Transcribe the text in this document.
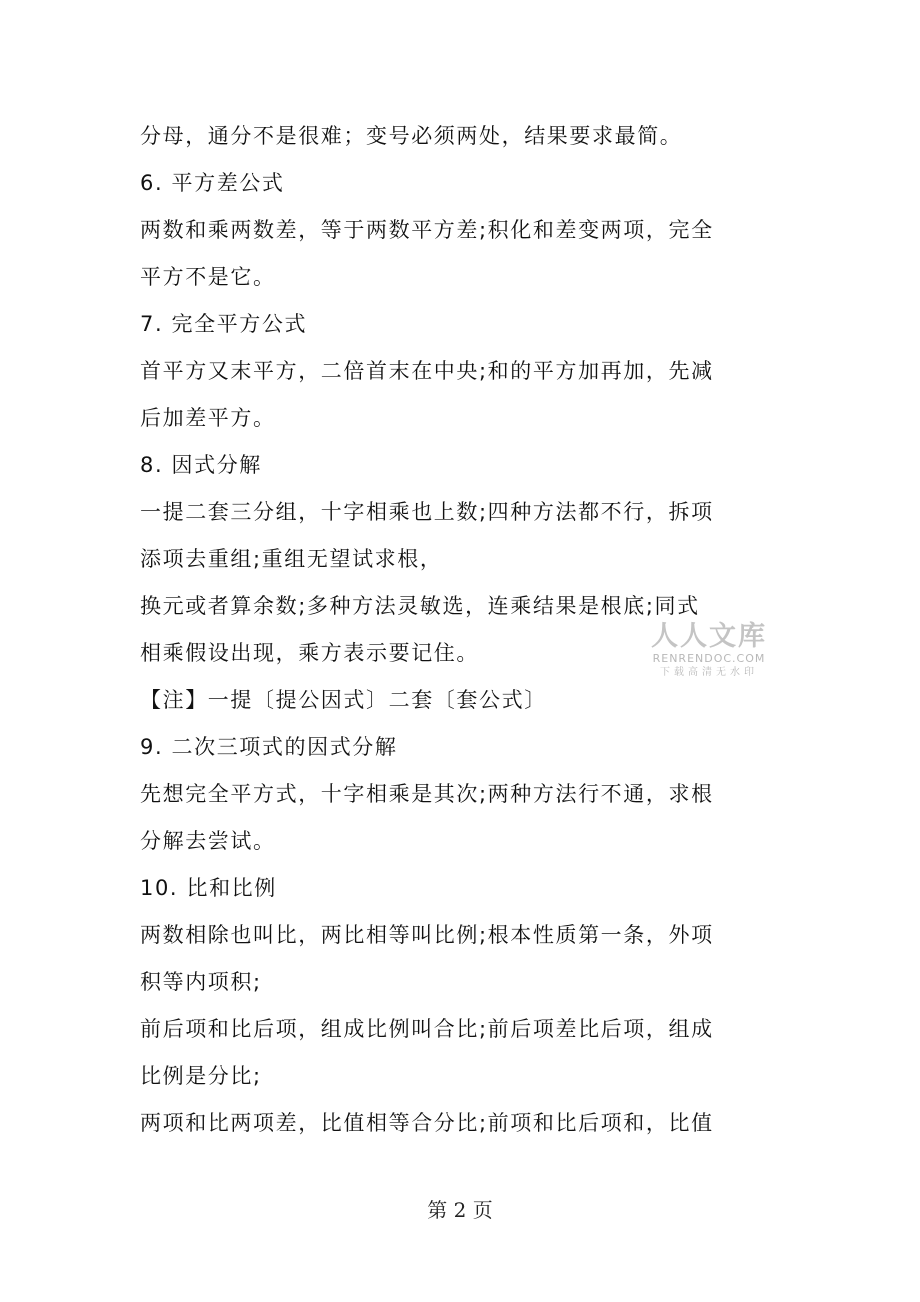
分母，通分不是很难；变号必须两处，结果要求最简。
6. 平方差公式
两数和乘两数差，等于两数平方差;积化和差变两项，完全
平方不是它。
7. 完全平方公式
首平方又末平方，二倍首末在中央;和的平方加再加，先减
后加差平方。
8. 因式分解
一提二套三分组，十字相乘也上数;四种方法都不行，拆项
添项去重组;重组无望试求根，
换元或者算余数;多种方法灵敏选，连乘结果是根底;同式
相乘假设出现，乘方表示要记住。
【注】一提〔提公因式〕二套〔套公式〕
9. 二次三项式的因式分解
先想完全平方式，十字相乘是其次;两种方法行不通，求根
分解去尝试。
10. 比和比例
两数相除也叫比，两比相等叫比例;根本性质第一条，外项
积等内项积;
前后项和比后项，组成比例叫合比;前后项差比后项，组成
比例是分比;
两项和比两项差，比值相等合分比;前项和比后项和，比值
人人文库
RENRENDOC.COM
下载高清无水印
第 2 页
